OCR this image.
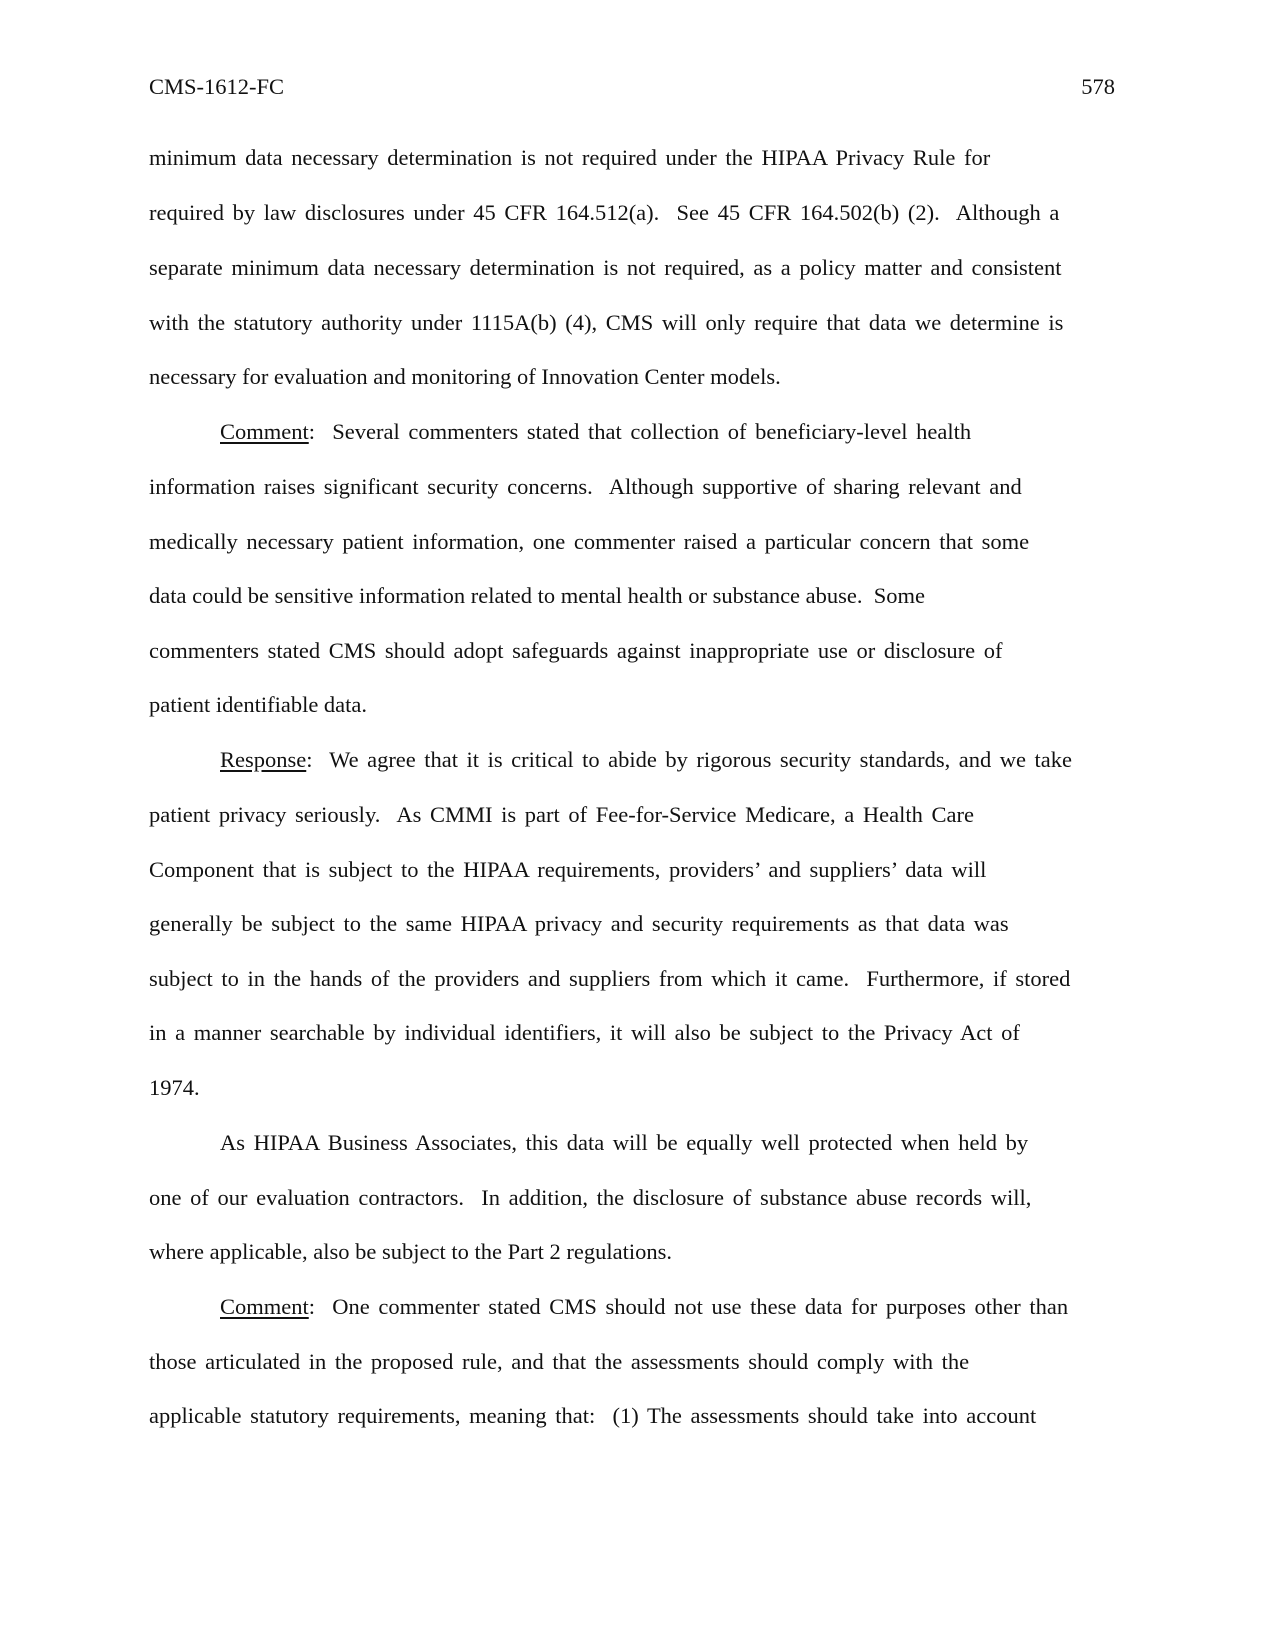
CMS-1612-FC	578
minimum data necessary determination is not required under the HIPAA Privacy Rule for
required by law disclosures under 45 CFR 164.512(a).  See 45 CFR 164.502(b) (2).  Although a
separate minimum data necessary determination is not required, as a policy matter and consistent
with the statutory authority under 1115A(b) (4), CMS will only require that data we determine is
necessary for evaluation and monitoring of Innovation Center models.
Comment:  Several commenters stated that collection of beneficiary-level health
information raises significant security concerns.  Although supportive of sharing relevant and
medically necessary patient information, one commenter raised a particular concern that some
data could be sensitive information related to mental health or substance abuse.  Some
commenters stated CMS should adopt safeguards against inappropriate use or disclosure of
patient identifiable data.
Response:  We agree that it is critical to abide by rigorous security standards, and we take
patient privacy seriously.  As CMMI is part of Fee-for-Service Medicare, a Health Care
Component that is subject to the HIPAA requirements, providers’ and suppliers’ data will
generally be subject to the same HIPAA privacy and security requirements as that data was
subject to in the hands of the providers and suppliers from which it came.  Furthermore, if stored
in a manner searchable by individual identifiers, it will also be subject to the Privacy Act of
1974.
As HIPAA Business Associates, this data will be equally well protected when held by
one of our evaluation contractors.  In addition, the disclosure of substance abuse records will,
where applicable, also be subject to the Part 2 regulations.
Comment:  One commenter stated CMS should not use these data for purposes other than
those articulated in the proposed rule, and that the assessments should comply with the
applicable statutory requirements, meaning that:  (1) The assessments should take into account
